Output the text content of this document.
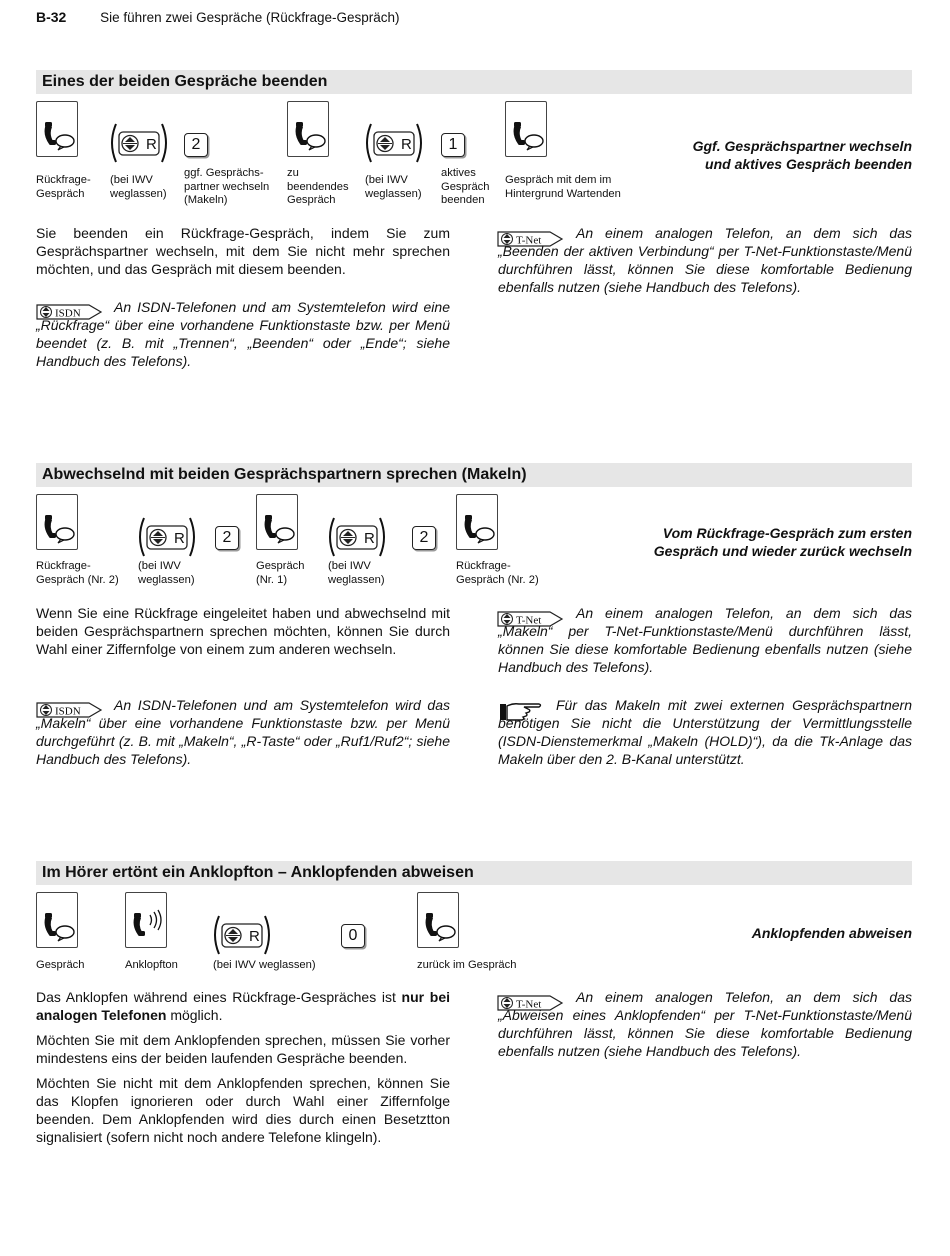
B-32	Sie führen zwei Gespräche (Rückfrage-Gespräch)
Eines der beiden Gespräche beenden
Rückfrage-
Gespräch
R
(bei IWV
weglassen)
2
ggf. Gesprächs-
partner wechseln
(Makeln)
zu
beendendes
Gespräch
R
(bei IWV
weglassen)
1
aktives
Gespräch
beenden
Gespräch mit dem im
Hintergrund Wartenden
Ggf. Gesprächspartner wechseln
und aktives Gespräch beenden
Sie beenden ein Rückfrage-Gespräch, indem Sie zum Gesprächspartner wechseln, mit dem Sie nicht mehr sprechen möchten, und das Gespräch mit diesem beenden.
ISDN	An ISDN-Telefonen und am Systemtelefon wird eine „Rückfrage“ über eine vorhandene Funktionstaste bzw. per Menü beendet (z. B. mit „Trennen“, „Beenden“ oder „Ende“; siehe Handbuch des Telefons).
T-Net	An einem analogen Telefon, an dem sich das „Beenden der aktiven Verbindung“ per T-Net-Funktionstaste/Menü durchführen lässt, können Sie diese komfortable Bedienung ebenfalls nutzen (siehe Handbuch des Telefons).
Abwechselnd mit beiden Gesprächspartnern sprechen (Makeln)
Rückfrage-
Gespräch (Nr. 2)
R
(bei IWV
weglassen)
2
Gespräch
(Nr. 1)
R
(bei IWV
weglassen)
2
Rückfrage-
Gespräch (Nr. 2)
Vom Rückfrage-Gespräch zum ersten
Gespräch und wieder zurück wechseln
Wenn Sie eine Rückfrage eingeleitet haben und abwechselnd mit beiden Gesprächspartnern sprechen möchten, können Sie durch Wahl einer Ziffernfolge von einem zum anderen wechseln.
ISDN	An ISDN-Telefonen und am Systemtelefon wird das „Makeln“ über eine vorhandene Funktionstaste bzw. per Menü durchgeführt (z. B. mit „Makeln“, „R-Taste“ oder „Ruf1/Ruf2“; siehe Handbuch des Telefons).
T-Net	An einem analogen Telefon, an dem sich das „Makeln“ per T-Net-Funktionstaste/Menü durchführen lässt, können Sie diese komfortable Bedienung ebenfalls nutzen (siehe Handbuch des Telefons).
Für das Makeln mit zwei externen Gesprächspartnern benötigen Sie nicht die Unterstützung der Vermittlungsstelle (ISDN-Dienstemerkmal „Makeln (HOLD)“), da die Tk-Anlage das Makeln über den 2. B-Kanal unterstützt.
Im Hörer ertönt ein Anklopfton – Anklopfenden abweisen
Gespräch	Anklopfton
R
(bei IWV weglassen)
0
zurück im Gespräch
Anklopfenden abweisen

Das Anklopfen während eines Rückfrage-Gespräches ist nur bei analogen Telefonen möglich.

Möchten Sie mit dem Anklopfenden sprechen, müssen Sie vorher mindestens eins der beiden laufenden Gespräche beenden.

Möchten Sie nicht mit dem Anklopfenden sprechen, können Sie das Klopfen ignorieren oder durch Wahl einer Ziffernfolge beenden. Dem Anklopfenden wird dies durch einen Besetztton signalisiert (sofern nicht noch andere Telefone klingeln).

T-Net	An einem analogen Telefon, an dem sich das „Abweisen eines Anklopfenden“ per T-Net-Funktionstaste/Menü durchführen lässt, können Sie diese komfortable Bedienung ebenfalls nutzen (siehe Handbuch des Telefons).
